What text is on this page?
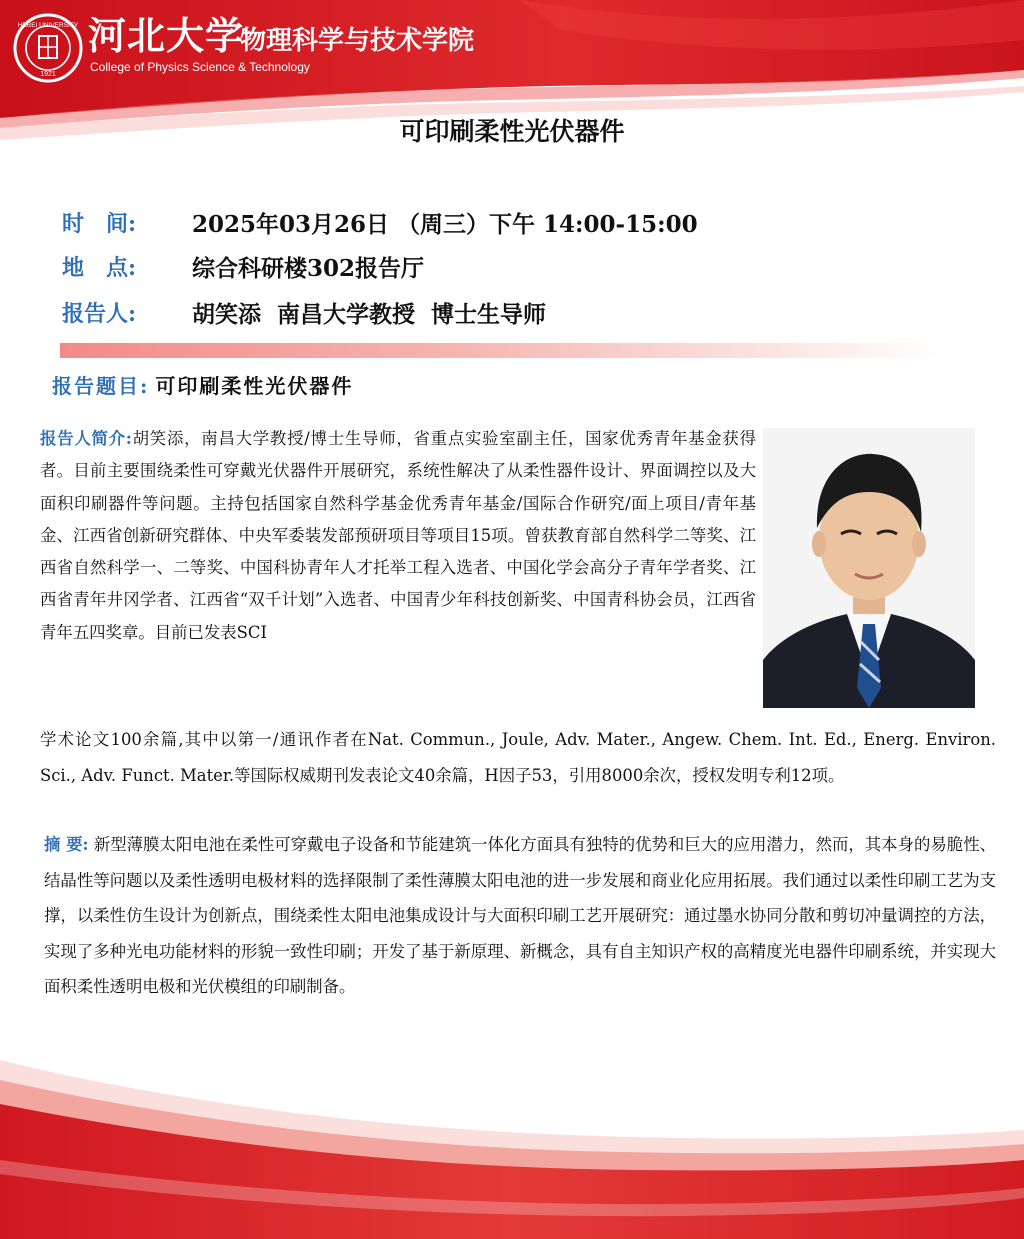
HEBEI UNIVERSITY
1921
河北大学
物理科学与技术学院
College of Physics Science & Technology
可印刷柔性光伏器件
时　间:	2025年03月26日 （周三）下午 14:00-15:00
地　点:	综合科研楼302报告厅
报告人:	胡笑添  南昌大学教授  博士生导师
报告题目: 可印刷柔性光伏器件
报告人简介:胡笑添，南昌大学教授/博士生导师，省重点实验室副主任，国家优秀青年基金获得者。目前主要围绕柔性可穿戴光伏器件开展研究，系统性解决了从柔性器件设计、界面调控以及大面积印刷器件等问题。主持包括国家自然科学基金优秀青年基金/国际合作研究/面上项目/青年基金、江西省创新研究群体、中央军委装发部预研项目等项目15项。曾获教育部自然科学二等奖、江西省自然科学一、二等奖、中国科协青年人才托举工程入选者、中国化学会高分子青年学者奖、江西省青年井冈学者、江西省“双千计划”入选者、中国青少年科技创新奖、中国青科协会员，江西省青年五四奖章。目前已发表SCI
学术论文100余篇,其中以第一/通讯作者在Nat. Commun., Joule, Adv. Mater., Angew. Chem. Int. Ed., Energ. Environ. Sci., Adv. Funct. Mater.等国际权威期刊发表论文40余篇，H因子53，引用8000余次，授权发明专利12项。
摘 要: 新型薄膜太阳电池在柔性可穿戴电子设备和节能建筑一体化方面具有独特的优势和巨大的应用潜力，然而，其本身的易脆性、结晶性等问题以及柔性透明电极材料的选择限制了柔性薄膜太阳电池的进一步发展和商业化应用拓展。我们通过以柔性印刷工艺为支撑，以柔性仿生设计为创新点，围绕柔性太阳电池集成设计与大面积印刷工艺开展研究：通过墨水协同分散和剪切冲量调控的方法，实现了多种光电功能材料的形貌一致性印刷；开发了基于新原理、新概念，具有自主知识产权的高精度光电器件印刷系统，并实现大面积柔性透明电极和光伏模组的印刷制备。
